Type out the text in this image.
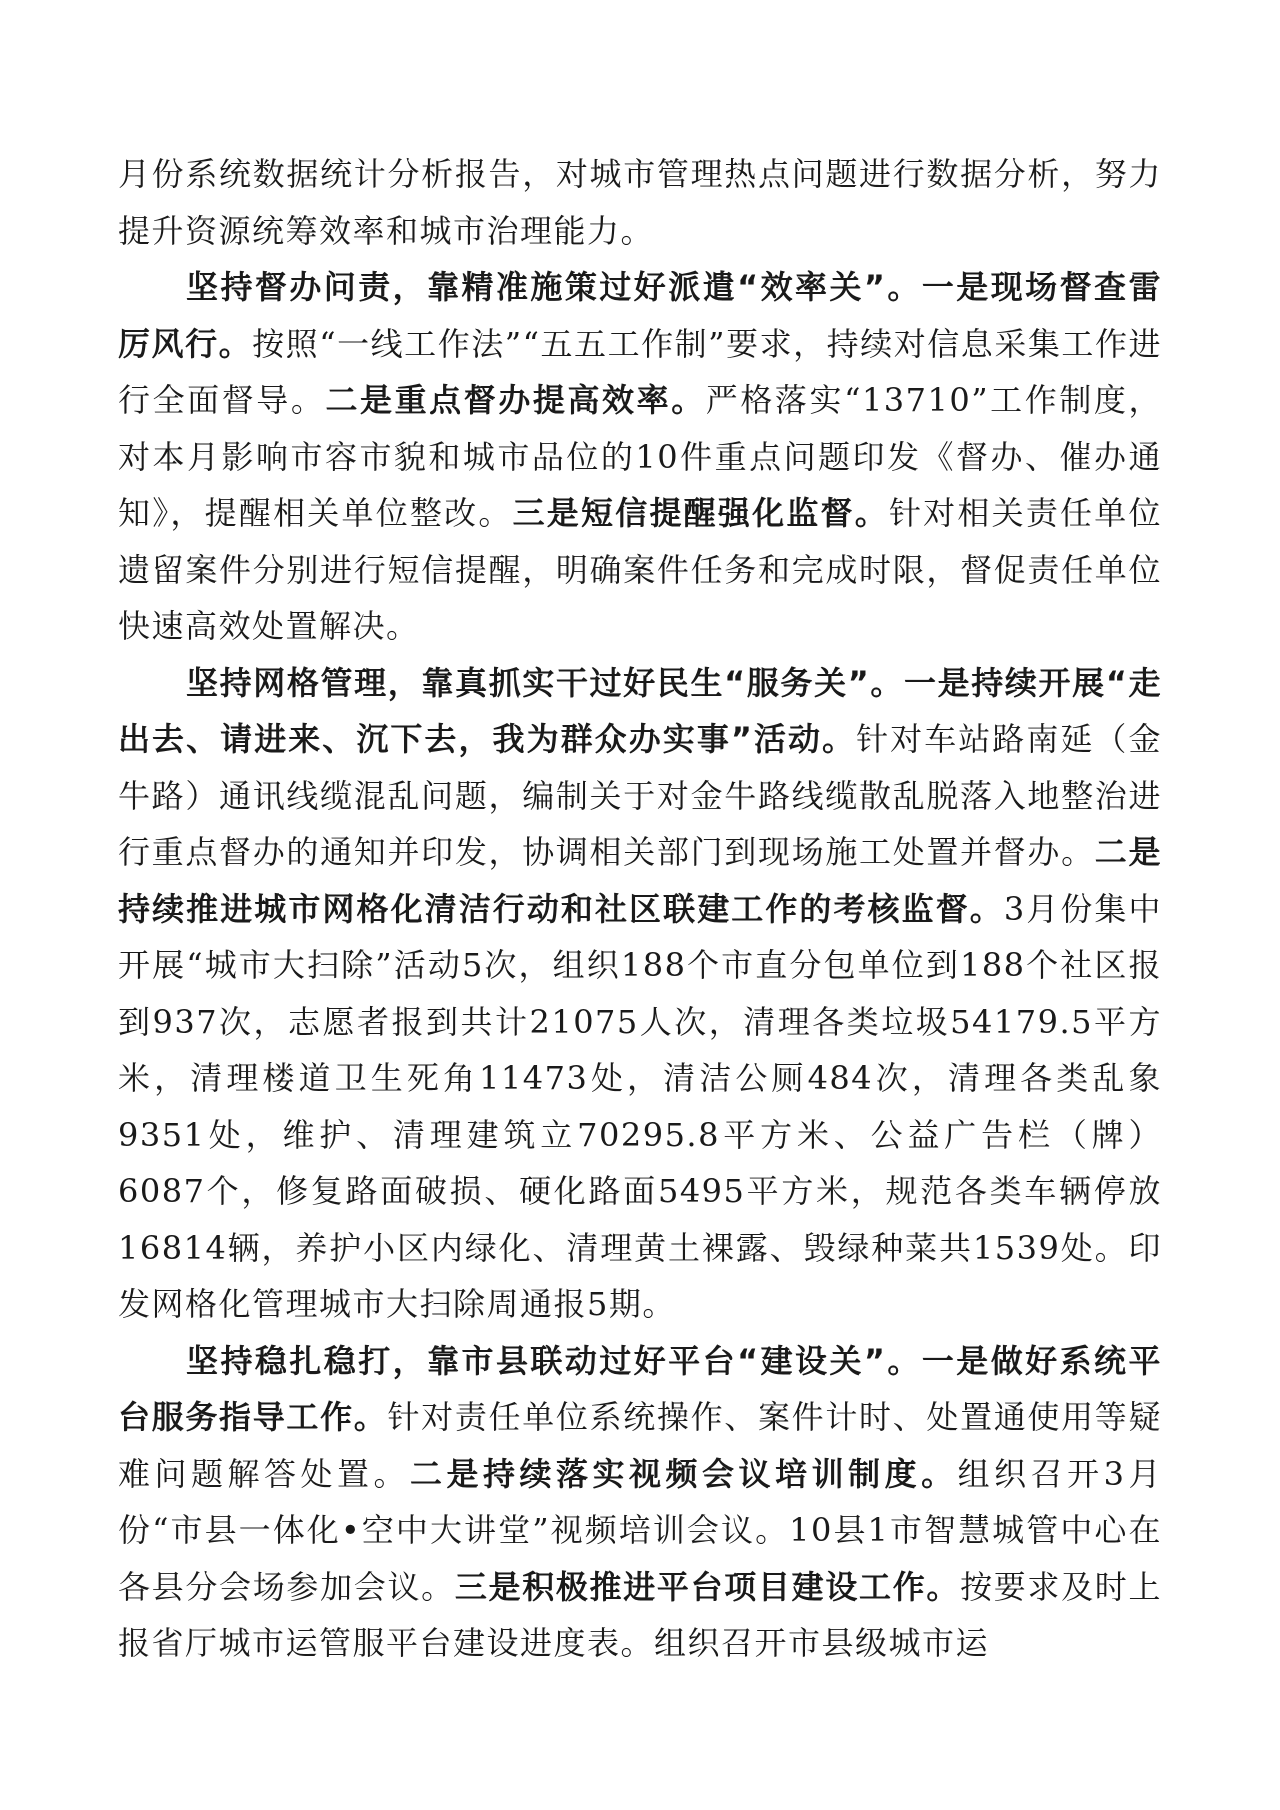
月份系统数据统计分析报告，对城市管理热点问题进行数据分析，努力提升资源统筹效率和城市治理能力。

坚持督办问责，靠精准施策过好派遣“效率关”。一是现场督查雷厉风行。按照“一线工作法”“五五工作制”要求，持续对信息采集工作进行全面督导。二是重点督办提高效率。严格落实“13710”工作制度，对本月影响市容市貌和城市品位的10件重点问题印发《督办、催办通知》，提醒相关单位整改。三是短信提醒强化监督。针对相关责任单位遗留案件分别进行短信提醒，明确案件任务和完成时限，督促责任单位快速高效处置解决。

坚持网格管理，靠真抓实干过好民生“服务关”。一是持续开展“走出去、请进来、沉下去，我为群众办实事”活动。针对车站路南延（金牛路）通讯线缆混乱问题，编制关于对金牛路线缆散乱脱落入地整治进行重点督办的通知并印发，协调相关部门到现场施工处置并督办。二是持续推进城市网格化清洁行动和社区联建工作的考核监督。3月份集中开展“城市大扫除”活动5次，组织188个市直分包单位到188个社区报到937次，志愿者报到共计21075人次，清理各类垃圾54179.5平方米，清理楼道卫生死角11473处，清洁公厕484次，清理各类乱象9351处，维护、清理建筑立70295.8平方米、公益广告栏（牌）6087个，修复路面破损、硬化路面5495平方米，规范各类车辆停放16814辆，养护小区内绿化、清理黄土裸露、毁绿种菜共1539处。印发网格化管理城市大扫除周通报5期。

坚持稳扎稳打，靠市县联动过好平台“建设关”。一是做好系统平台服务指导工作。针对责任单位系统操作、案件计时、处置通使用等疑难问题解答处置。二是持续落实视频会议培训制度。组织召开3月份“市县一体化•空中大讲堂”视频培训会议。10县1市智慧城管中心在各县分会场参加会议。三是积极推进平台项目建设工作。按要求及时上报省厅城市运管服平台建设进度表。组织召开市县级城市运
